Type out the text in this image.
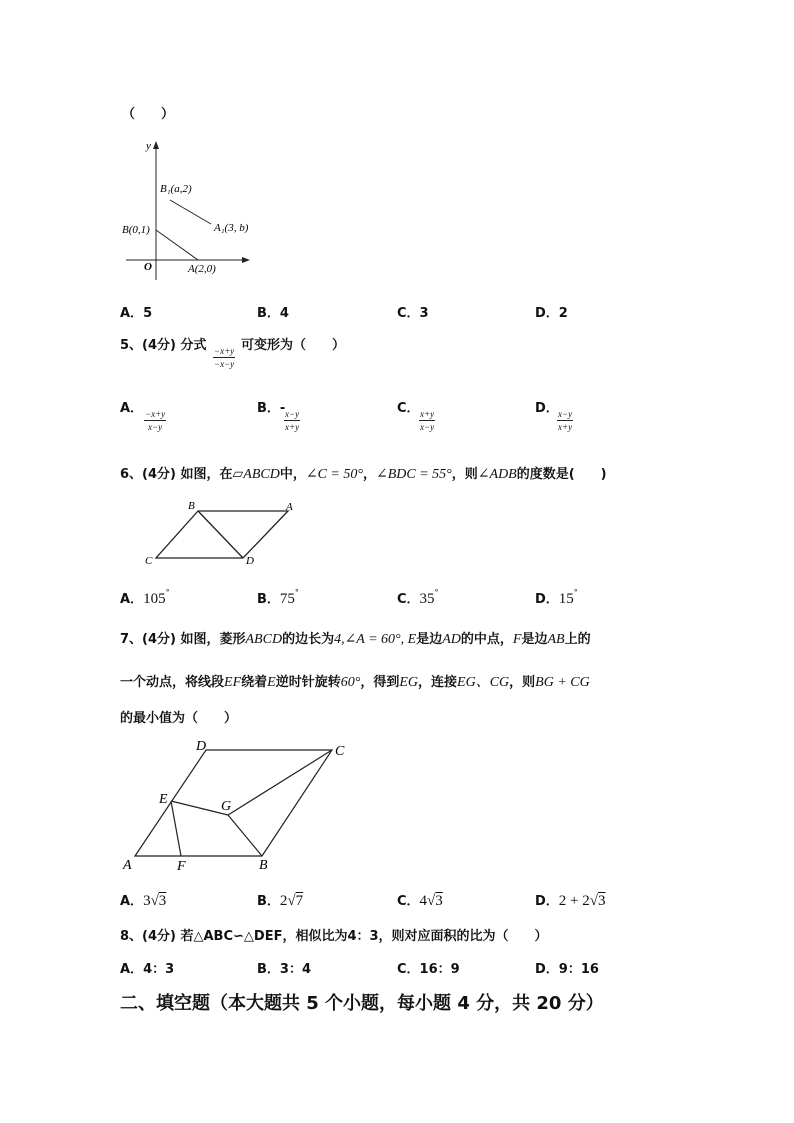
（　　）
y
B₁(a,2)
A₁(3, b)
B(0,1)
O	A(2,0)
A．5	B．4	C．3	D．2
5、(4分) 分式 $\frac{-x+y}{-x-y}$ 可变形为（　　）
A． $\frac{-x+y}{x-y}$	B．-
$\frac{x-y}{x+y}$	C． $\frac{x+y}{x-y}$	D．
$\frac{x-y}{x+y}$
6、(4分) 如图，在▱ABCD中，∠C = 50°，∠BDC = 55°，则∠ADB的度数是(　　)
B	A
C	D
A．105°	B．75°	C．35°	D．15°
7、(4分) 如图，菱形ABCD的边长为4,∠A = 60°, E是边AD的中点，F是边AB上的
一个动点，将线段EF绕着E逆时针旋转60°，得到EG，连接EG、CG，则BG + CG
的最小值为（　　）
D	C
E	G
A	F	B
A．3√3	B．2√7	C．4√3	D．2 + 2√3
8、(4分) 若△ABC∽△DEF，相似比为4：3，则对应面积的比为（　　）
A．4：3	B．3：4	C．16：9	D．9：16
二、填空题（本大题共 5 个小题，每小题 4 分，共 20 分）
